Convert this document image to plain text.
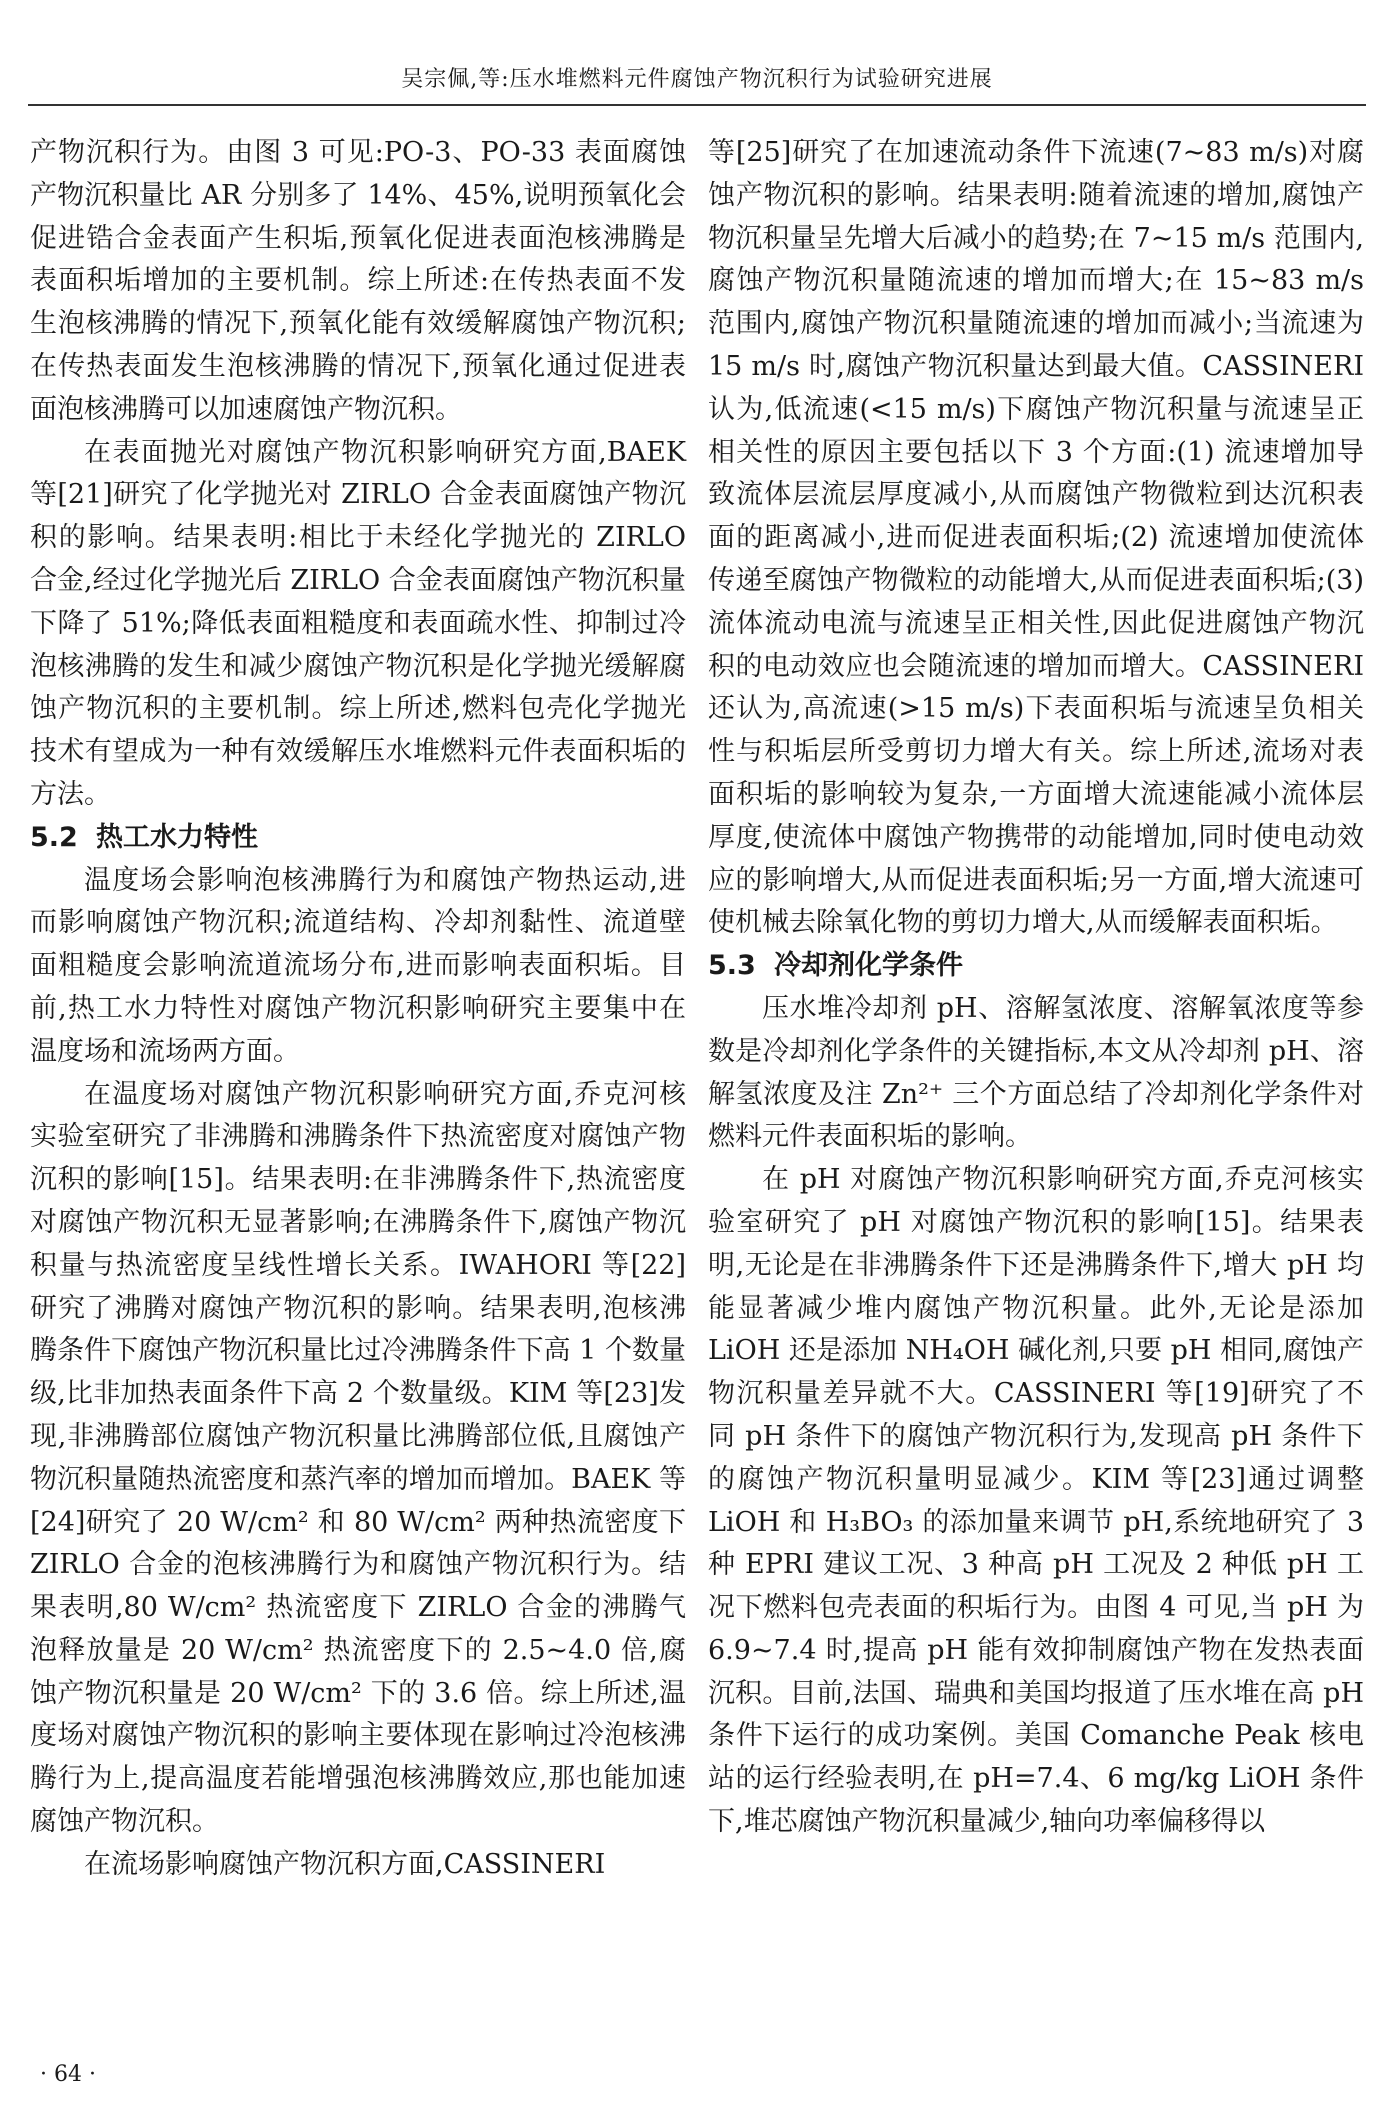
吴宗佩,等:压水堆燃料元件腐蚀产物沉积行为试验研究进展

产物沉积行为。由图 3 可见:PO-3、PO-33 表面腐蚀产物沉积量比 AR 分别多了 14%、45%,说明预氧化会促进锆合金表面产生积垢,预氧化促进表面泡核沸腾是表面积垢增加的主要机制。综上所述:在传热表面不发生泡核沸腾的情况下,预氧化能有效缓解腐蚀产物沉积;在传热表面发生泡核沸腾的情况下,预氧化通过促进表面泡核沸腾可以加速腐蚀产物沉积。

在表面抛光对腐蚀产物沉积影响研究方面,BAEK 等[21]研究了化学抛光对 ZIRLO 合金表面腐蚀产物沉积的影响。结果表明:相比于未经化学抛光的 ZIRLO 合金,经过化学抛光后 ZIRLO 合金表面腐蚀产物沉积量下降了 51%;降低表面粗糙度和表面疏水性、抑制过冷泡核沸腾的发生和减少腐蚀产物沉积是化学抛光缓解腐蚀产物沉积的主要机制。综上所述,燃料包壳化学抛光技术有望成为一种有效缓解压水堆燃料元件表面积垢的方法。

5.2 热工水力特性

温度场会影响泡核沸腾行为和腐蚀产物热运动,进而影响腐蚀产物沉积;流道结构、冷却剂黏性、流道壁面粗糙度会影响流道流场分布,进而影响表面积垢。目前,热工水力特性对腐蚀产物沉积影响研究主要集中在温度场和流场两方面。

在温度场对腐蚀产物沉积影响研究方面,乔克河核实验室研究了非沸腾和沸腾条件下热流密度对腐蚀产物沉积的影响[15]。结果表明:在非沸腾条件下,热流密度对腐蚀产物沉积无显著影响;在沸腾条件下,腐蚀产物沉积量与热流密度呈线性增长关系。IWAHORI 等[22]研究了沸腾对腐蚀产物沉积的影响。结果表明,泡核沸腾条件下腐蚀产物沉积量比过冷沸腾条件下高 1 个数量级,比非加热表面条件下高 2 个数量级。KIM 等[23]发现,非沸腾部位腐蚀产物沉积量比沸腾部位低,且腐蚀产物沉积量随热流密度和蒸汽率的增加而增加。BAEK 等[24]研究了 20 W/cm² 和 80 W/cm² 两种热流密度下 ZIRLO 合金的泡核沸腾行为和腐蚀产物沉积行为。结果表明,80 W/cm² 热流密度下 ZIRLO 合金的沸腾气泡释放量是 20 W/cm² 热流密度下的 2.5~4.0 倍,腐蚀产物沉积量是 20 W/cm² 下的 3.6 倍。综上所述,温度场对腐蚀产物沉积的影响主要体现在影响过冷泡核沸腾行为上,提高温度若能增强泡核沸腾效应,那也能加速腐蚀产物沉积。

在流场影响腐蚀产物沉积方面,CASSINERI

等[25]研究了在加速流动条件下流速(7~83 m/s)对腐蚀产物沉积的影响。结果表明:随着流速的增加,腐蚀产物沉积量呈先增大后减小的趋势;在 7~15 m/s 范围内,腐蚀产物沉积量随流速的增加而增大;在 15~83 m/s 范围内,腐蚀产物沉积量随流速的增加而减小;当流速为 15 m/s 时,腐蚀产物沉积量达到最大值。CASSINERI 认为,低流速(<15 m/s)下腐蚀产物沉积量与流速呈正相关性的原因主要包括以下 3 个方面:(1) 流速增加导致流体层流层厚度减小,从而腐蚀产物微粒到达沉积表面的距离减小,进而促进表面积垢;(2) 流速增加使流体传递至腐蚀产物微粒的动能增大,从而促进表面积垢;(3) 流体流动电流与流速呈正相关性,因此促进腐蚀产物沉积的电动效应也会随流速的增加而增大。CASSINERI 还认为,高流速(>15 m/s)下表面积垢与流速呈负相关性与积垢层所受剪切力增大有关。综上所述,流场对表面积垢的影响较为复杂,一方面增大流速能减小流体层厚度,使流体中腐蚀产物携带的动能增加,同时使电动效应的影响增大,从而促进表面积垢;另一方面,增大流速可使机械去除氧化物的剪切力增大,从而缓解表面积垢。

5.3 冷却剂化学条件

压水堆冷却剂 pH、溶解氢浓度、溶解氧浓度等参数是冷却剂化学条件的关键指标,本文从冷却剂 pH、溶解氢浓度及注 Zn²⁺ 三个方面总结了冷却剂化学条件对燃料元件表面积垢的影响。

在 pH 对腐蚀产物沉积影响研究方面,乔克河核实验室研究了 pH 对腐蚀产物沉积的影响[15]。结果表明,无论是在非沸腾条件下还是沸腾条件下,增大 pH 均能显著减少堆内腐蚀产物沉积量。此外,无论是添加 LiOH 还是添加 NH₄OH 碱化剂,只要 pH 相同,腐蚀产物沉积量差异就不大。CASSINERI 等[19]研究了不同 pH 条件下的腐蚀产物沉积行为,发现高 pH 条件下的腐蚀产物沉积量明显减少。KIM 等[23]通过调整 LiOH 和 H₃BO₃ 的添加量来调节 pH,系统地研究了 3 种 EPRI 建议工况、3 种高 pH 工况及 2 种低 pH 工况下燃料包壳表面的积垢行为。由图 4 可见,当 pH 为 6.9~7.4 时,提高 pH 能有效抑制腐蚀产物在发热表面沉积。目前,法国、瑞典和美国均报道了压水堆在高 pH 条件下运行的成功案例。美国 Comanche Peak 核电站的运行经验表明,在 pH=7.4、6 mg/kg LiOH 条件下,堆芯腐蚀产物沉积量减少,轴向功率偏移得以

· 64 ·
